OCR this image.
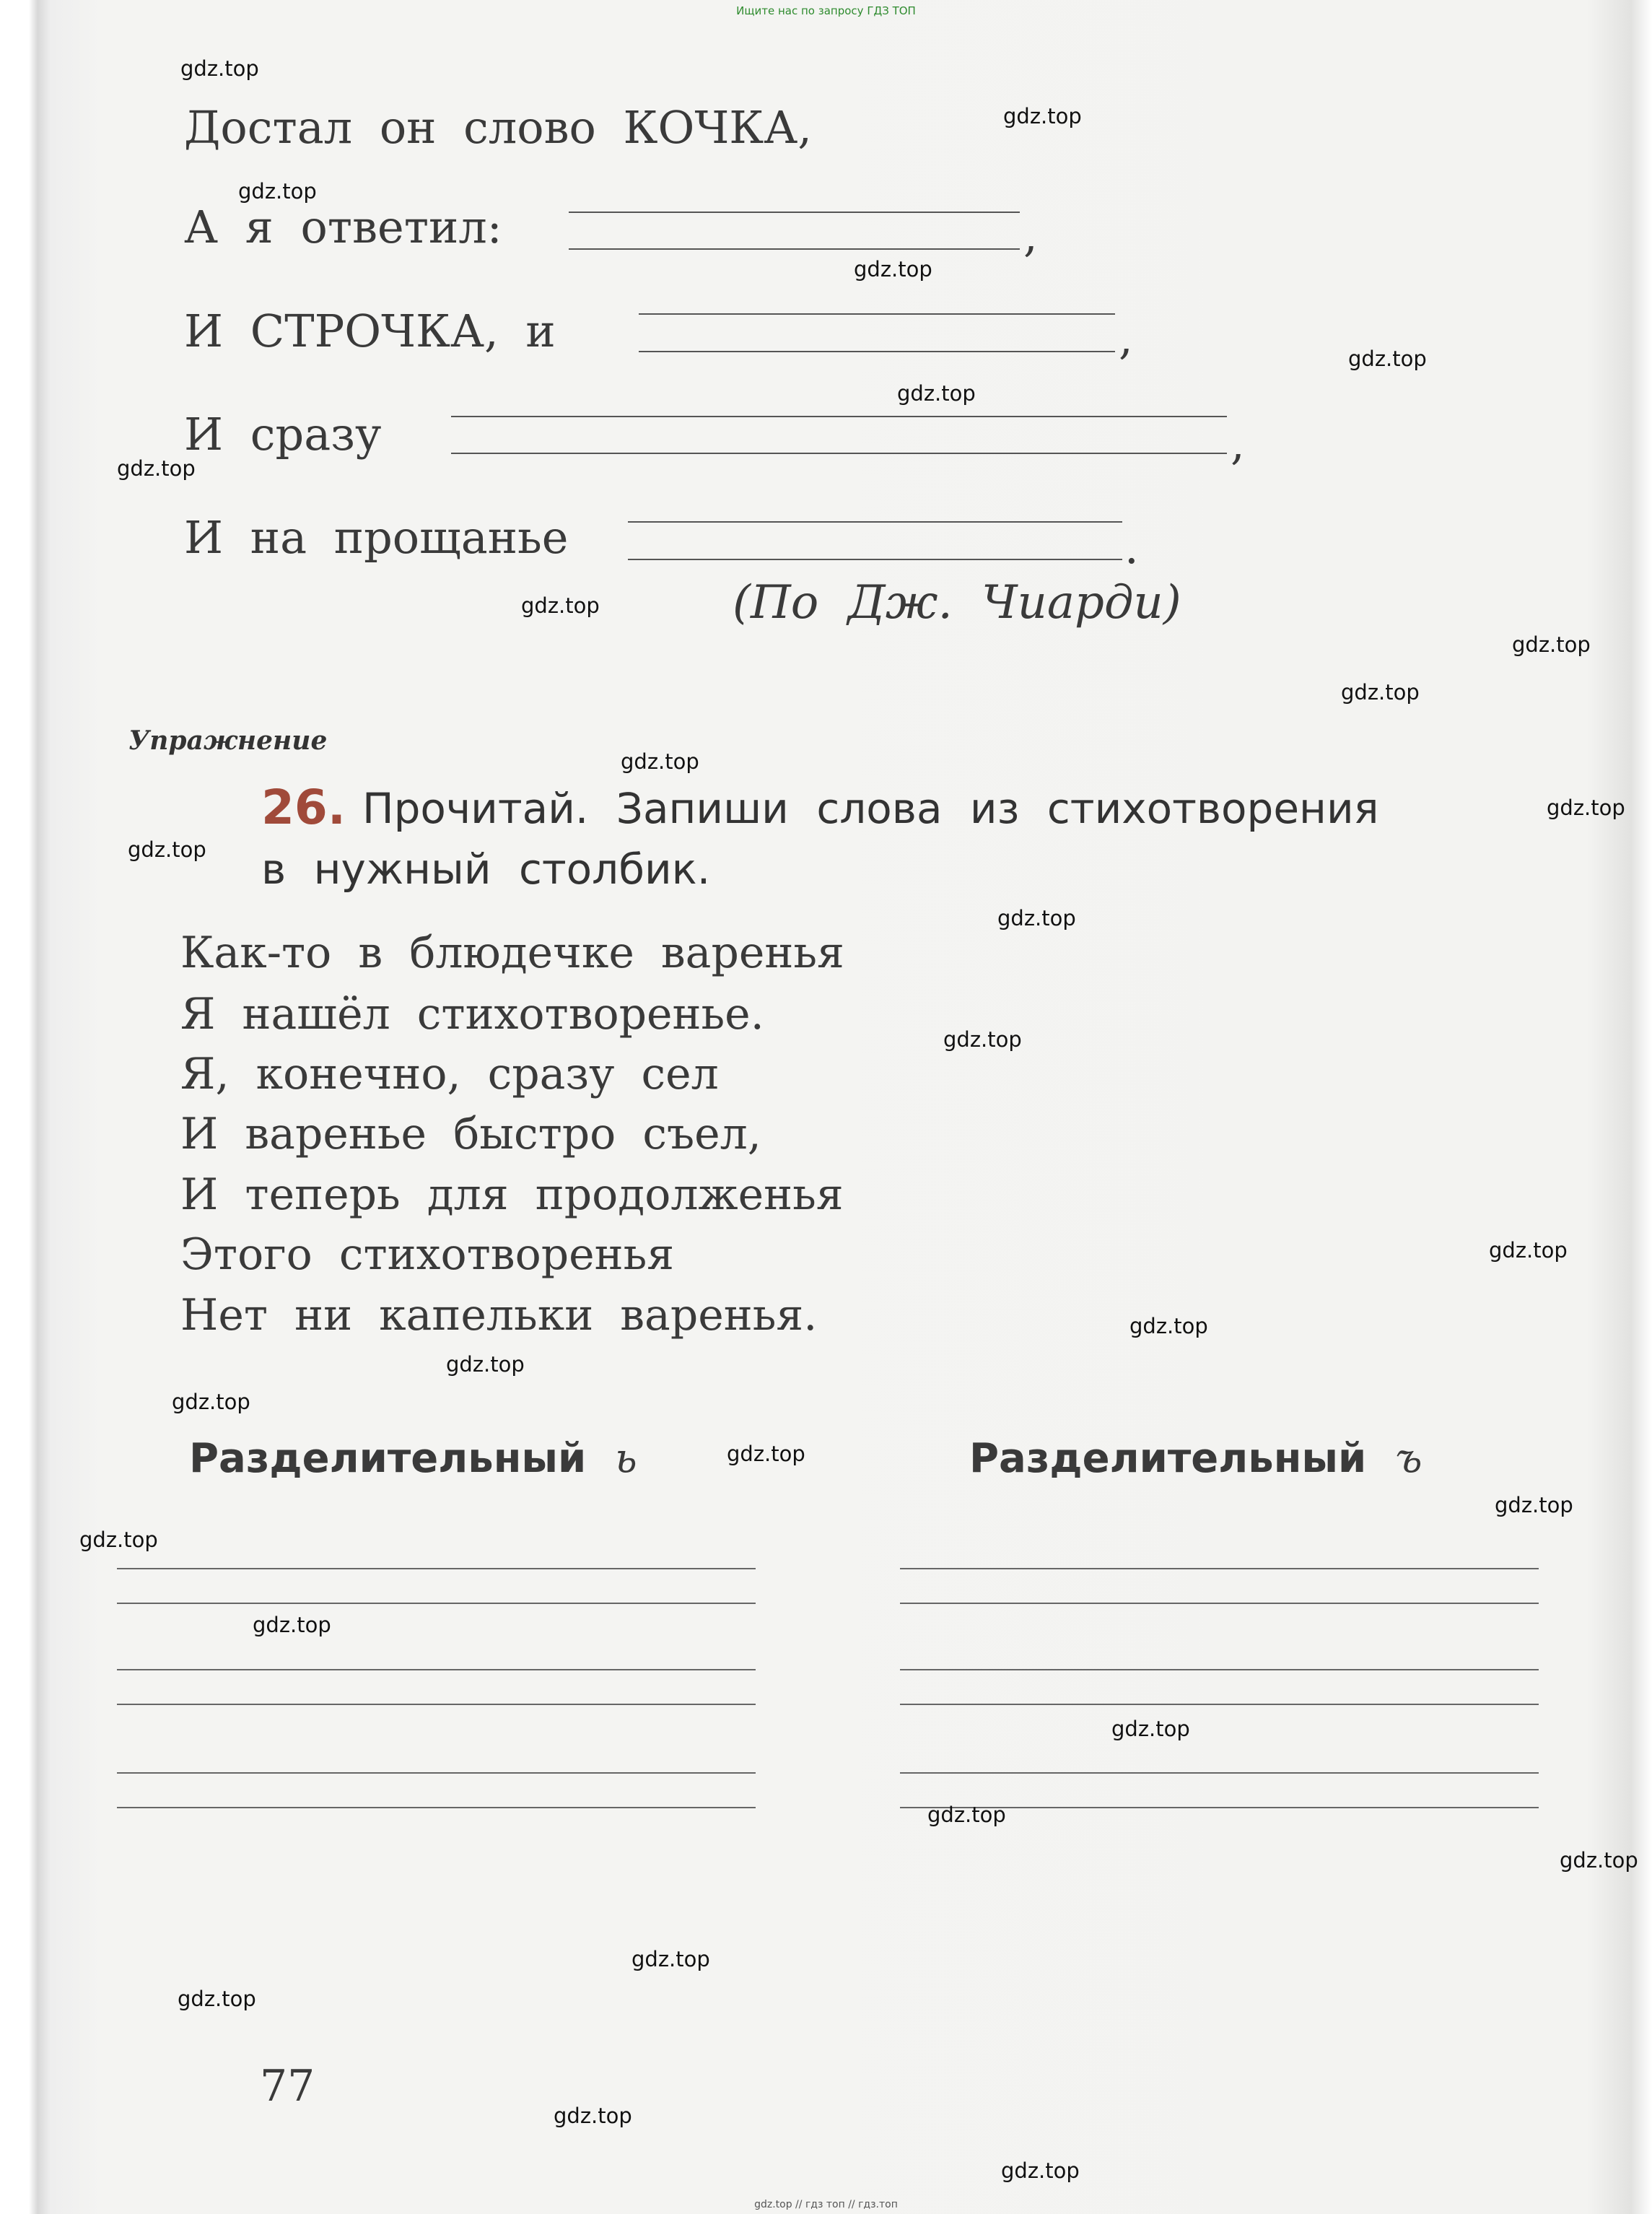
Ищите нас по запросу ГДЗ ТОП
Достал он слово КОЧКА,
А я ответил:	,
И СТРОЧКА, и	,
И сразу	,
И на прощанье	.
(По Дж. Чиарди)
Упражнение
26. Прочитай. Запиши слова из стихотворения
в нужный столбик.
Как-то в блюдечке варенья
Я нашёл стихотворенье.
Я, конечно, сразу сел
И варенье быстро съел,
И теперь для продолженья
Этого стихотворенья
Нет ни капельки варенья.
Разделительный ь	Разделительный ъ
77
gdz.top
gdz.top
gdz.top
gdz.top
gdz.top
gdz.top
gdz.top
gdz.top
gdz.top
gdz.top
gdz.top
gdz.top
gdz.top
gdz.top
gdz.top
gdz.top
gdz.top
gdz.top
gdz.top
gdz.top
gdz.top
gdz.top
gdz.top
gdz.top
gdz.top
gdz.top
gdz.top
gdz.top
gdz.top
gdz.top
gdz.top // гдз топ // гдз.топ
